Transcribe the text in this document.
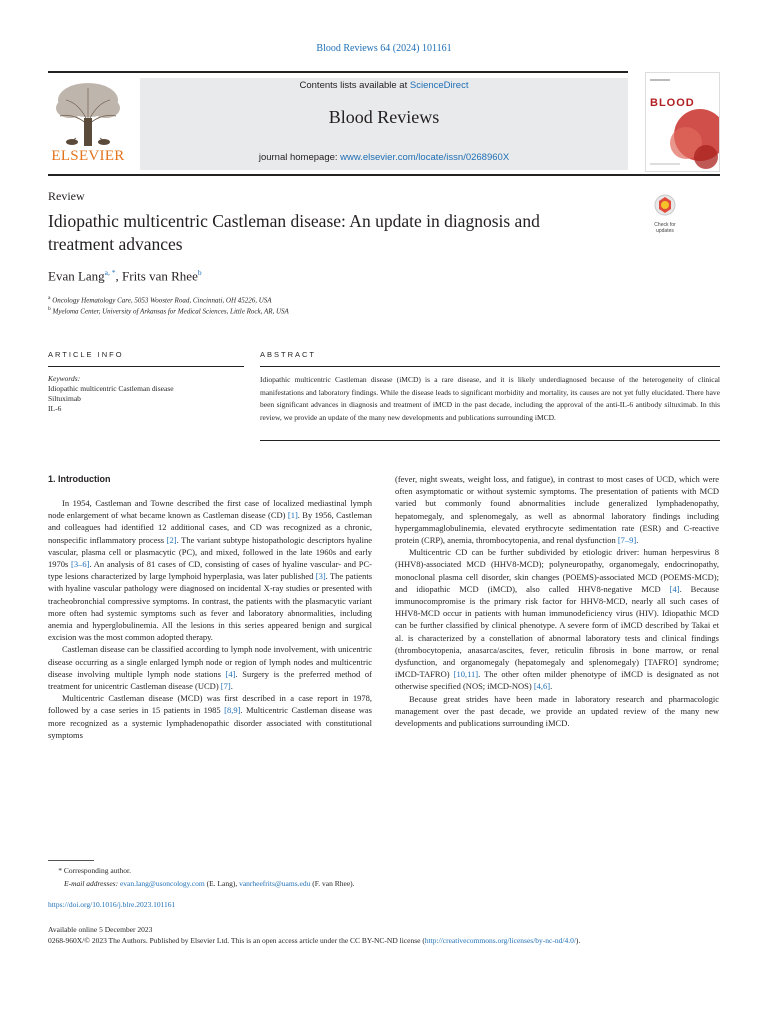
Blood Reviews 64 (2024) 101161
ELSEVIER
Contents lists available at ScienceDirect
Blood Reviews
journal homepage: www.elsevier.com/locate/issn/0268960X
BLOOD
Review
Idiopathic multicentric Castleman disease: An update in diagnosis and treatment advances
Check for
updates
Evan Lang$^{a, *}$, Frits van Rhee$^b$
$^a$ Oncology Hematology Care, 5053 Wooster Road, Cincinnati, OH 45226, USA
$^b$ Myeloma Center, University of Arkansas for Medical Sciences, Little Rock, AR, USA
ARTICLE INFO	ABSTRACT
Keywords:
Idiopathic multicentric Castleman disease
Siltuximab
IL-6
Idiopathic multicentric Castleman disease (iMCD) is a rare disease, and it is likely underdiagnosed because of the heterogeneity of clinical manifestations and laboratory findings. While the disease leads to significant morbidity and mortality, its causes are not yet fully elucidated. There have been significant advances in diagnosis and treatment of iMCD in the past decade, including the approval of the anti-IL-6 antibody siltuximab. In this review, we provide an update of the many new developments and publications surrounding iMCD.
1. Introduction

In 1954, Castleman and Towne described the first case of localized mediastinal lymph node enlargement of what became known as Castleman disease (CD) [1]. By 1956, Castleman and colleagues had identified 12 additional cases, and CD was recognized as a chronic, nonspecific inflammatory process [2]. The variant subtype histopathologic descriptors hyaline vascular, plasma cell or plasmacytic (PC), and mixed, followed in the late 1960s and early 1970s [3–6]. An analysis of 81 cases of CD, consisting of cases of hyaline vascular- and PC-type lesions characterized by large lymphoid hyperplasia, was later published [3]. The patients with hyaline vascular pathology were diagnosed on incidental X-ray studies or presented with tracheobronchial compressive symptoms. In contrast, the patients with the plasmacytic variant more often had systemic symptoms such as fever and laboratory abnormalities, including anemia and hyperglobulinemia. All the lesions in this series appeared benign and surgical excision was the most common adopted therapy.

Castleman disease can be classified according to lymph node involvement, with unicentric disease occurring as a single enlarged lymph node or region of lymph nodes and multicentric disease involving multiple lymph node stations [4]. Surgery is the preferred method of treatment for unicentric Castleman disease (UCD) [7].

Multicentric Castleman disease (MCD) was first described in a case report in 1978, followed by a case series in 15 patients in 1985 [8,9]. Multicentric Castleman disease was more recognized as a systemic lymphadenopathic disorder associated with constitutional symptoms

(fever, night sweats, weight loss, and fatigue), in contrast to most cases of UCD, which were often asymptomatic or without systemic symptoms. The presentation of patients with MCD varied but commonly found abnormalities include generalized lymphadenopathy, hepatomegaly, and splenomegaly, as well as abnormal laboratory findings including hypergammaglobulinemia, elevated erythrocyte sedimentation rate (ESR) and C-reactive protein (CRP), anemia, thrombocytopenia, and renal dysfunction [7–9].

Multicentric CD can be further subdivided by etiologic driver: human herpesvirus 8 (HHV8)-associated MCD (HHV8-MCD); polyneuropathy, organomegaly, endocrinopathy, monoclonal plasma cell disorder, skin changes (POEMS)-associated MCD (POEMS-MCD); and idiopathic MCD (iMCD), also called HHV8-negative MCD [4]. Because immunocompromise is the primary risk factor for HHV8-MCD, nearly all such cases of HHV8-MCD occur in patients with human immunodeficiency virus (HIV). Idiopathic MCD can be further classified by clinical phenotype. A severe form of iMCD described by Takai et al. is characterized by a constellation of abnormal laboratory tests and clinical findings (thrombocytopenia, anasarca/ascites, fever, reticulin fibrosis in bone marrow, or renal dysfunction, and organomegaly (hepatomegaly and splenomegaly) [TAFRO] syndrome; iMCD-TAFRO) [10,11]. The other often milder phenotype of iMCD is designated as not otherwise specified (NOS; iMCD-NOS) [4,6].

Because great strides have been made in laboratory research and pharmacologic management over the past decade, we provide an updated review of the many new developments and publications surrounding iMCD.

* Corresponding author.
E-mail addresses: evan.lang@usoncology.com (E. Lang), vanrheefrits@uams.edu (F. van Rhee).
https://doi.org/10.1016/j.blre.2023.101161
Available online 5 December 2023
0268-960X/© 2023 The Authors. Published by Elsevier Ltd. This is an open access article under the CC BY-NC-ND license (http://creativecommons.org/licenses/by-nc-nd/4.0/).
